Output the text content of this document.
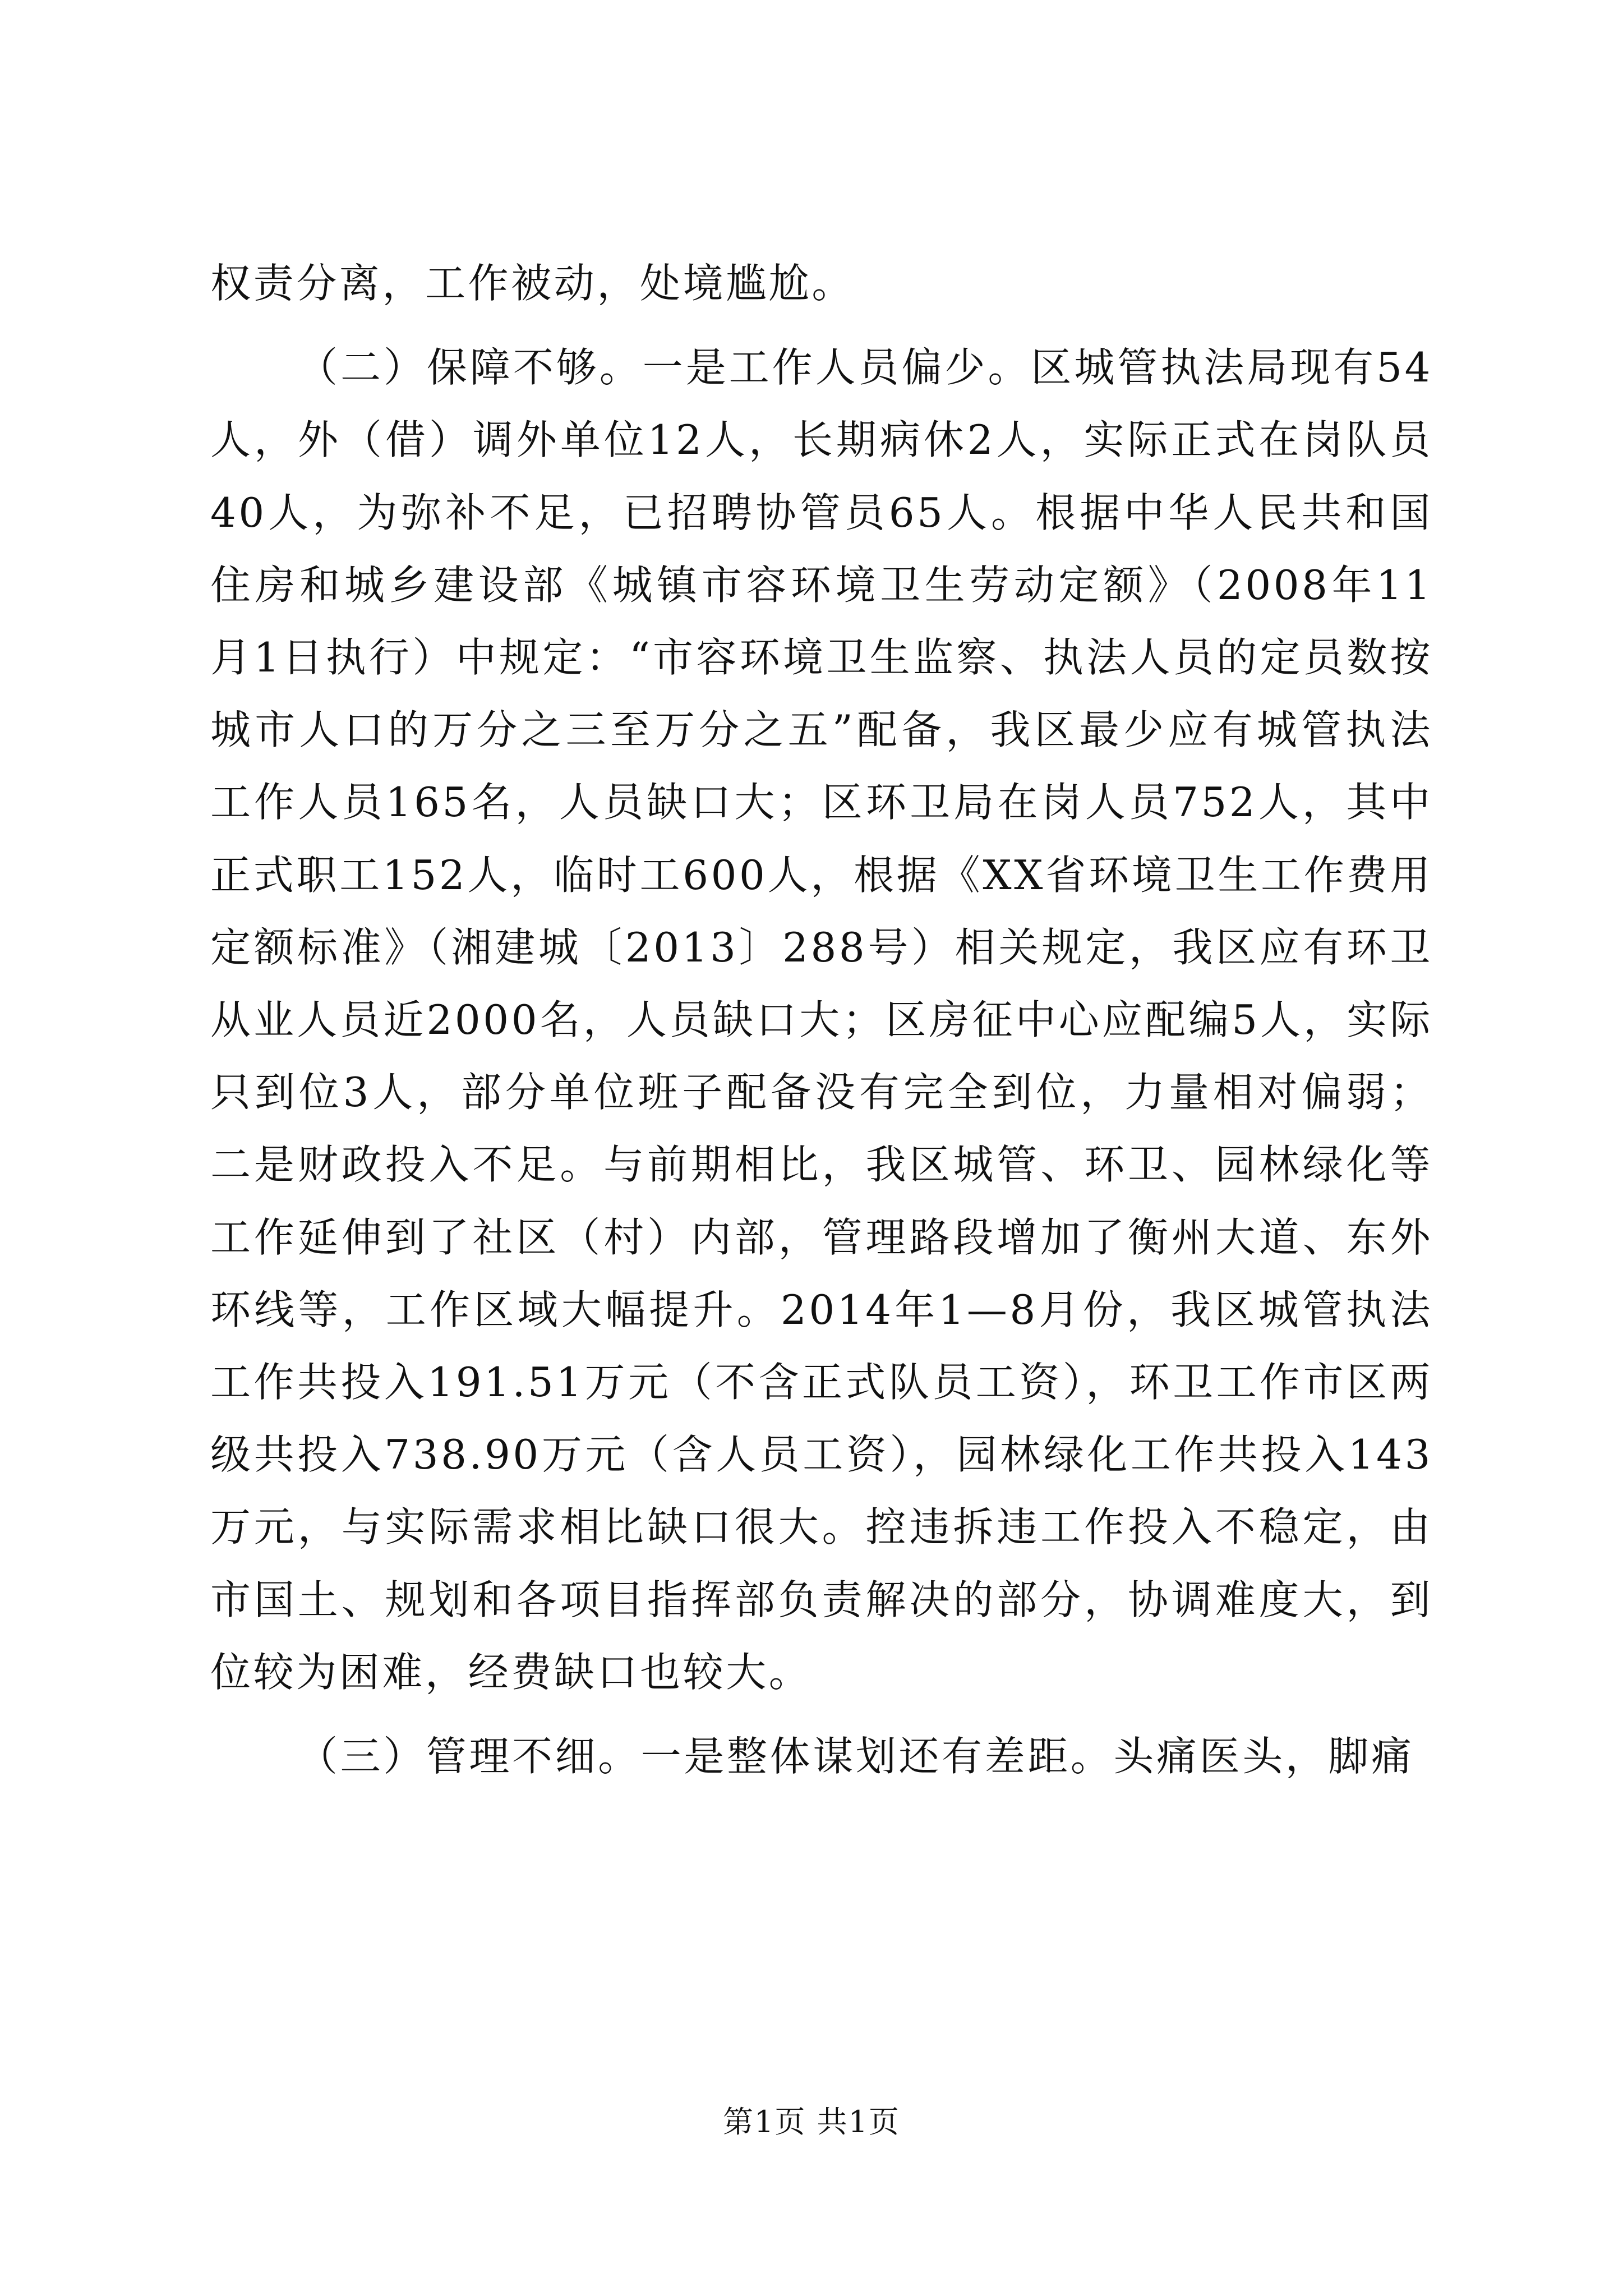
权责分离，工作被动，处境尴尬。

（二）保障不够。一是工作人员偏少。区城管执法局现有54人，外（借）调外单位12人，长期病休2人，实际正式在岗队员40人，为弥补不足，已招聘协管员65人。根据中华人民共和国住房和城乡建设部《城镇市容环境卫生劳动定额》（2008年11月1日执行）中规定：“市容环境卫生监察、执法人员的定员数按城市人口的万分之三至万分之五”配备，我区最少应有城管执法工作人员165名，人员缺口大；区环卫局在岗人员752人，其中正式职工152人，临时工600人，根据《XX省环境卫生工作费用定额标准》（湘建城〔2013〕288号）相关规定，我区应有环卫从业人员近2000名，人员缺口大；区房征中心应配编5人，实际只到位3人，部分单位班子配备没有完全到位，力量相对偏弱；二是财政投入不足。与前期相比，我区城管、环卫、园林绿化等工作延伸到了社区（村）内部，管理路段增加了衡州大道、东外环线等，工作区域大幅提升。2014年1—8月份，我区城管执法工作共投入191.51万元（不含正式队员工资），环卫工作市区两级共投入738.90万元（含人员工资），园林绿化工作共投入143万元，与实际需求相比缺口很大。控违拆违工作投入不稳定，由市国土、规划和各项目指挥部负责解决的部分，协调难度大，到位较为困难，经费缺口也较大。

（三）管理不细。一是整体谋划还有差距。头痛医头，脚痛

第1页 共1页
